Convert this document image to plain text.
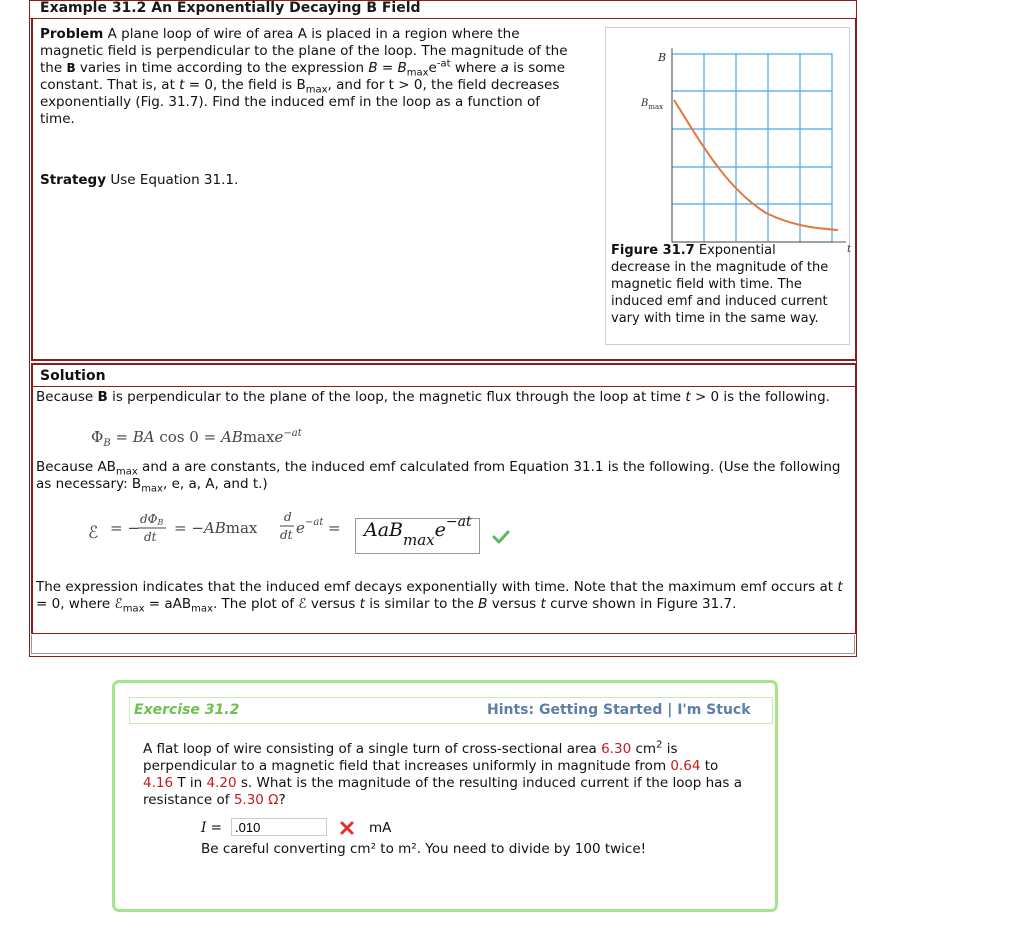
Example 31.2 An Exponentially Decaying B Field
Problem A plane loop of wire of area A is placed in a region where the magnetic field is perpendicular to the plane of the loop. The magnitude of the the B varies in time according to the expression $B = B_{max}e^{-at}$ where a is some constant. That is, at t = 0, the field is $B_{max}$, and for t > 0, the field decreases exponentially (Fig. 31.7). Find the induced emf in the loop as a function of time.
Strategy Use Equation 31.1.
B
$B_{max}$
t
Figure 31.7 Exponential decrease in the magnitude of the magnetic field with time. The induced emf and induced current vary with time in the same way.
Solution
Because B is perpendicular to the plane of the loop, the magnetic flux through the loop at time t > 0 is the following.
$\Phi_B$ = BA cos 0 = ABmaxe$^{-at}$
Because $AB_{max}$ and a are constants, the induced emf calculated from Equation 31.1 is the following. (Use the following as necessary: $B_{max}$, e, a, A, and t.)
ℰ = − dΦB
dt = −ABmax
d
dt $e -at = AaB_{max}e^{-at}$
The expression indicates that the induced emf decays exponentially with time. Note that the maximum emf occurs at t = 0, where ℰ$_{max}$ = aAB$_{max}$. The plot of ℰ versus t is similar to the B versus t curve shown in Figure 31.7.
Exercise 31.2	Hints: Getting Started | I'm Stuck
A flat loop of wire consisting of a single turn of cross-sectional area 6.30 $cm^2$ is perpendicular to a magnetic field that increases uniformly in magnitude from 0.64 to 4.16 T in 4.20 s. What is the magnitude of the resulting induced current if the loop has a resistance of 5.30 Ω?
I =
.010	mA
Be careful converting cm² to m². You need to divide by 100 twice!
